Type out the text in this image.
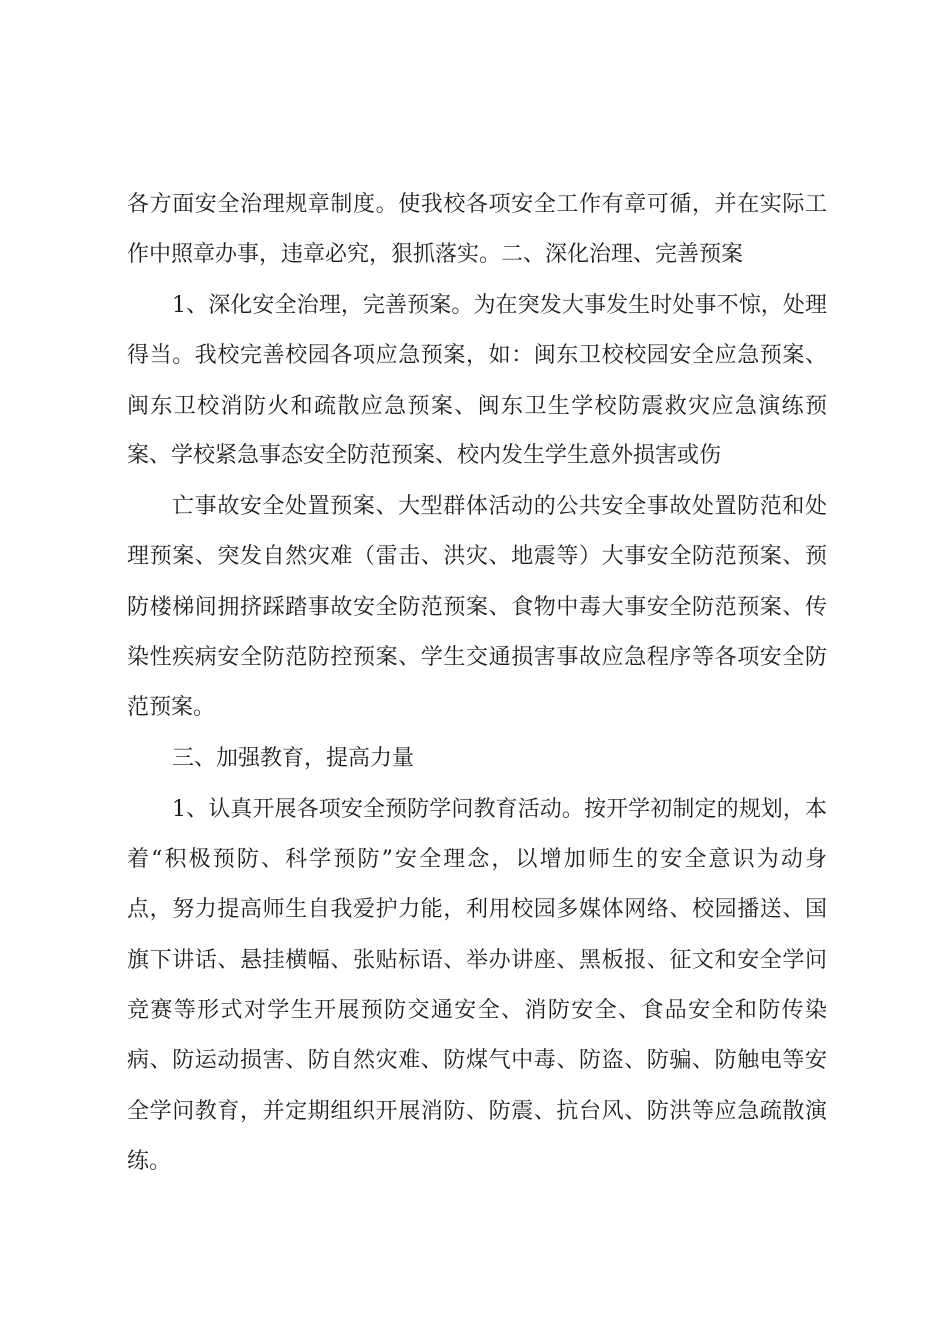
各方面安全治理规章制度。使我校各项安全工作有章可循，并在实际工
作中照章办事，违章必究，狠抓落实。二、深化治理、完善预案
1、深化安全治理，完善预案。为在突发大事发生时处事不惊，处理
得当。我校完善校园各项应急预案，如：闽东卫校校园安全应急预案、
闽东卫校消防火和疏散应急预案、闽东卫生学校防震救灾应急演练预
案、学校紧急事态安全防范预案、校内发生学生意外损害或伤
亡事故安全处置预案、大型群体活动的公共安全事故处置防范和处
理预案、突发自然灾难（雷击、洪灾、地震等）大事安全防范预案、预
防楼梯间拥挤踩踏事故安全防范预案、食物中毒大事安全防范预案、传
染性疾病安全防范防控预案、学生交通损害事故应急程序等各项安全防
范预案。
三、加强教育，提高力量
1、认真开展各项安全预防学问教育活动。按开学初制定的规划，本
着“积极预防、科学预防”安全理念，以增加师生的安全意识为动身
点，努力提高师生自我爱护力能，利用校园多媒体网络、校园播送、国
旗下讲话、悬挂横幅、张贴标语、举办讲座、黑板报、征文和安全学问
竞赛等形式对学生开展预防交通安全、消防安全、食品安全和防传染
病、防运动损害、防自然灾难、防煤气中毒、防盗、防骗、防触电等安
全学问教育，并定期组织开展消防、防震、抗台风、防洪等应急疏散演
练。
